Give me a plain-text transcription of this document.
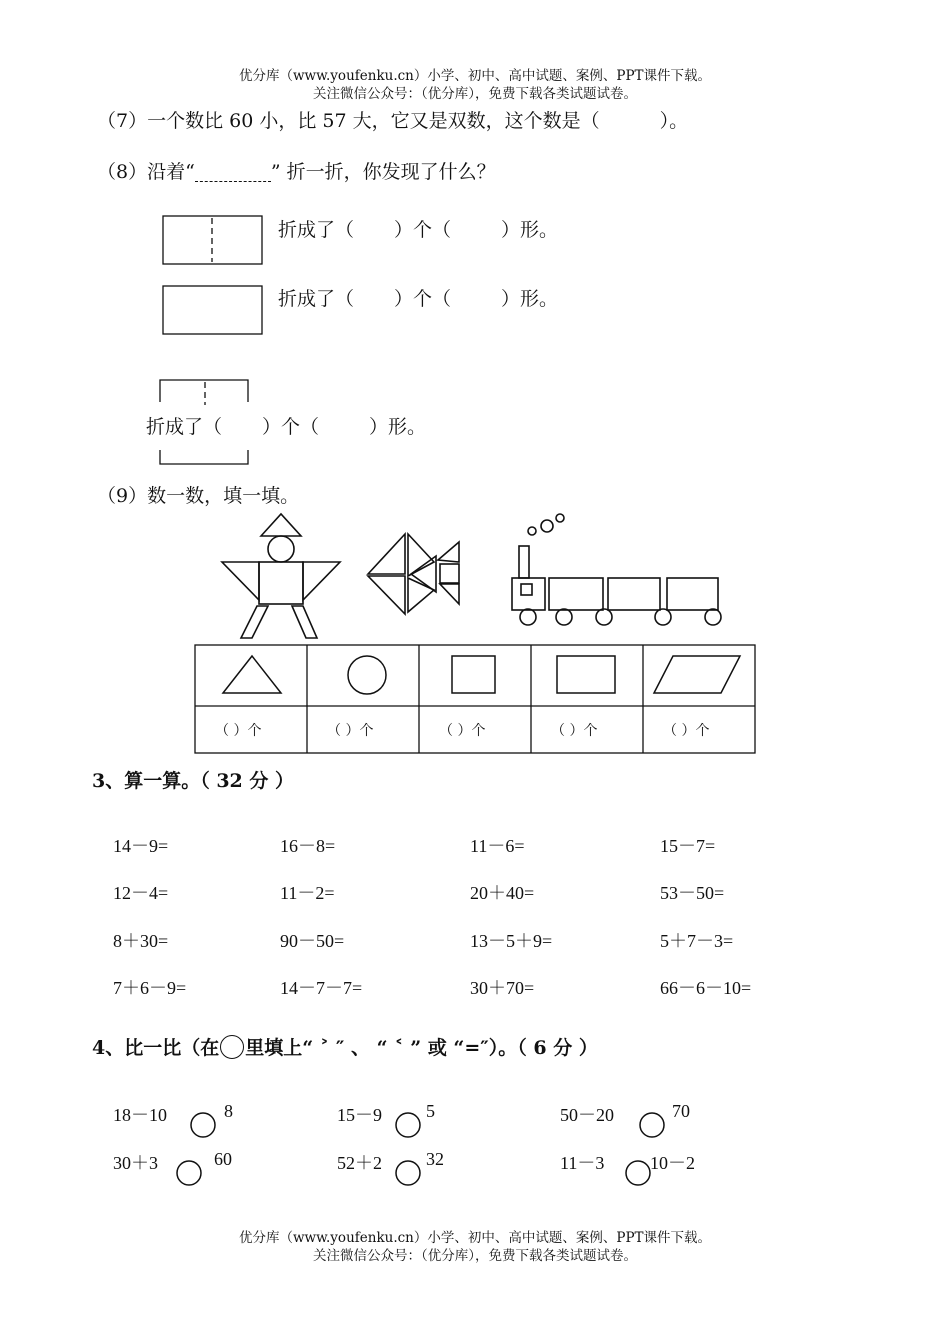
优分库（www.youfenku.cn）小学、初中、高中试题、案例、PPT课件下载。
关注微信公众号：（优分库），免费下载各类试题试卷。
（7）一个数比 60 小，比 57 大，它又是双数，这个数是（	）。
（8）沿着“	” 折一折，你发现了什么？
折成了（ ）个（	）形。
折成了（ ）个（	）形。
折成了（ ）个（	）形。
（9）数一数，填一填。
（ ）个	（ ）个	（ ）个	（ ）个	（ ）个
3、算一算。（ 32 分 ）
14－9=	16－8=	11－6=	15－7=
12－4=	11－2=	20＋40=	53－50=
8＋30=	90－50=	13－5＋9=	5＋7－3=
7＋6－9=	14－7－7=	30＋70=	66－6－10=
4、比一比（在 里填上“ ˃ ″ 、 “ ˂ ” 或 “=″）。（ 6 分 ）
18－10	8	15－9 5	50－20	70
30＋3	60	52＋2 32	11－3	10－2
优分库（www.youfenku.cn）小学、初中、高中试题、案例、PPT课件下载。
关注微信公众号：（优分库），免费下载各类试题试卷。
